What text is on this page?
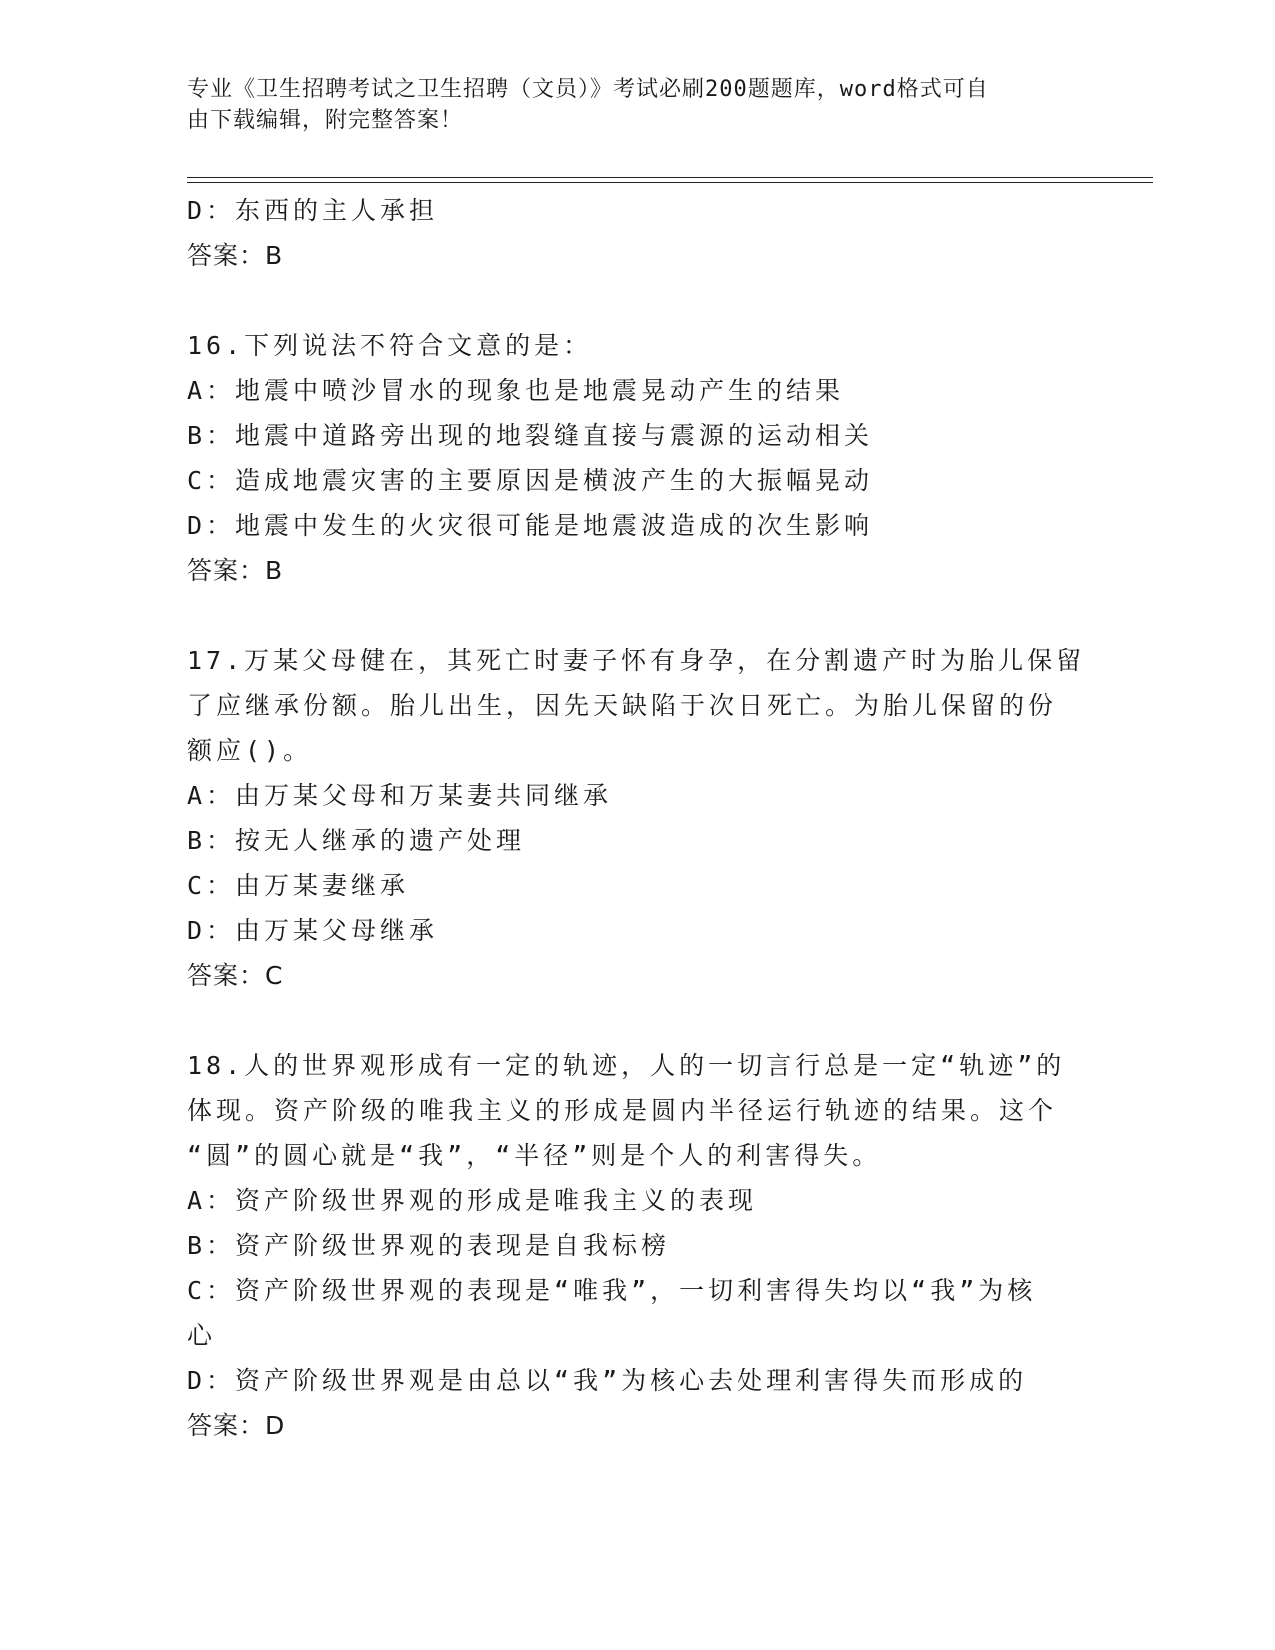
专业《卫生招聘考试之卫生招聘（文员）》考试必刷200题题库，word格式可自
由下载编辑，附完整答案！
D：东西的主人承担
答案：B
16.下列说法不符合文意的是：
A：地震中喷沙冒水的现象也是地震晃动产生的结果
B：地震中道路旁出现的地裂缝直接与震源的运动相关
C：造成地震灾害的主要原因是横波产生的大振幅晃动
D：地震中发生的火灾很可能是地震波造成的次生影响
答案：B
17.万某父母健在，其死亡时妻子怀有身孕，在分割遗产时为胎儿保留
了应继承份额。胎儿出生，因先天缺陷于次日死亡。为胎儿保留的份
额应()。
A：由万某父母和万某妻共同继承
B：按无人继承的遗产处理
C：由万某妻继承
D：由万某父母继承
答案：C
18.人的世界观形成有一定的轨迹，人的一切言行总是一定“轨迹”的
体现。资产阶级的唯我主义的形成是圆内半径运行轨迹的结果。这个
“圆”的圆心就是“我”，“半径”则是个人的利害得失。
A：资产阶级世界观的形成是唯我主义的表现
B：资产阶级世界观的表现是自我标榜
C：资产阶级世界观的表现是“唯我”，一切利害得失均以“我”为核
心
D：资产阶级世界观是由总以“我”为核心去处理利害得失而形成的
答案：D
